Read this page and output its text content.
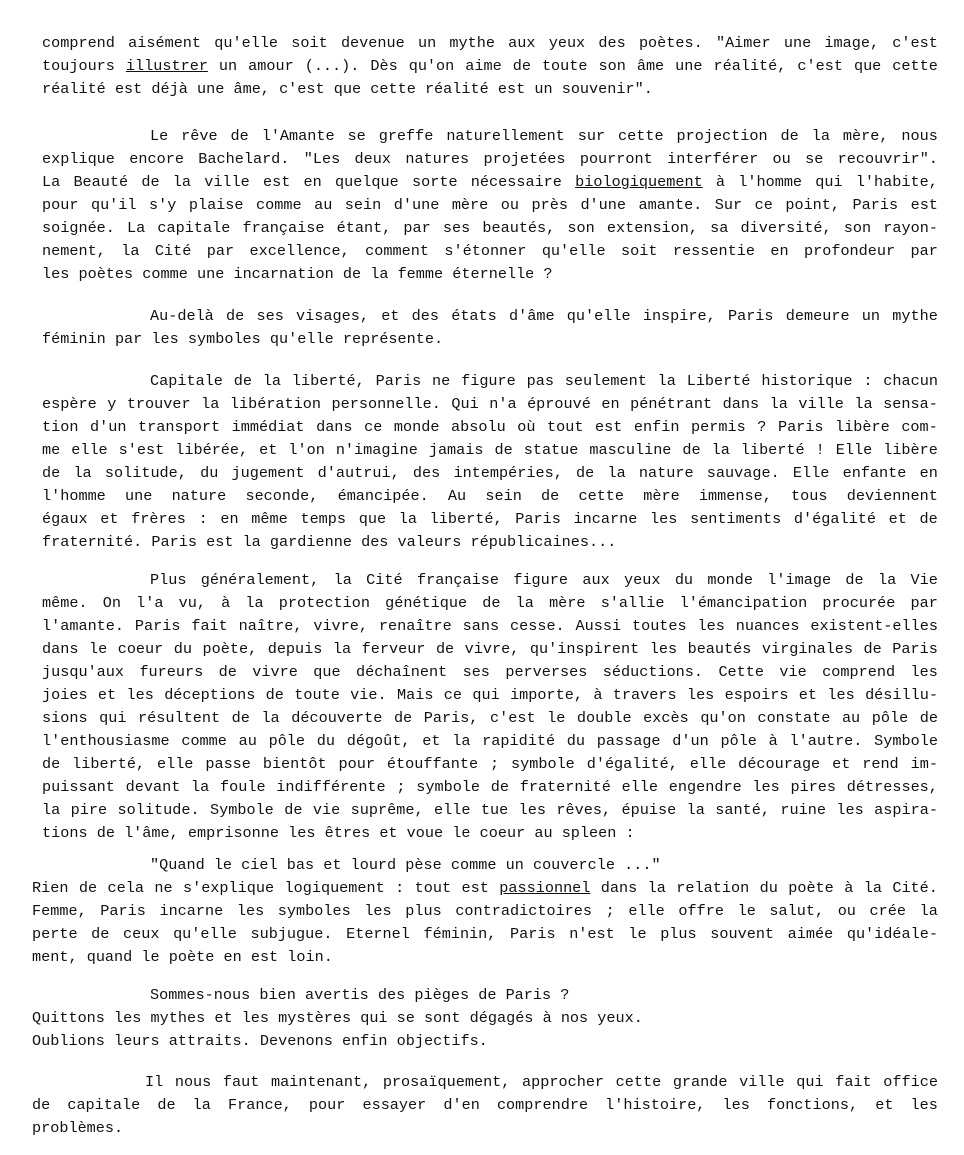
comprend aisément qu'elle soit devenue un mythe aux yeux des poètes. "Aimer une image, c'est
toujours illustrer un amour (...). Dès qu'on aime de toute son âme une réalité, c'est que cette
réalité est déjà une âme, c'est que cette réalité est un souvenir".
Le rêve de l'Amante se greffe naturellement sur cette projection de la mère, nous
explique encore Bachelard. "Les deux natures projetées pourront interférer ou se recouvrir".
La Beauté de la ville est en quelque sorte nécessaire biologiquement à l'homme qui l'habite,
pour qu'il s'y plaise comme au sein d'une mère ou près d'une amante. Sur ce point, Paris est
soignée. La capitale française étant, par ses beautés, son extension, sa diversité, son rayon-
nement, la Cité par excellence, comment s'étonner qu'elle soit ressentie en profondeur par
les poètes comme une incarnation de la femme éternelle ?
Au-delà de ses visages, et des états d'âme qu'elle inspire, Paris demeure un mythe
féminin par les symboles qu'elle représente.
Capitale de la liberté, Paris ne figure pas seulement la Liberté historique : chacun
espère y trouver la libération personnelle. Qui n'a éprouvé en pénétrant dans la ville la sensa-
tion d'un transport immédiat dans ce monde absolu où tout est enfin permis ? Paris libère com-
me elle s'est libérée, et l'on n'imagine jamais de statue masculine de la liberté ! Elle libère
de la solitude, du jugement d'autrui, des intempéries, de la nature sauvage. Elle enfante en
l'homme une nature seconde, émancipée. Au sein de cette mère immense, tous deviennent
égaux et frères : en même temps que la liberté, Paris incarne les sentiments d'égalité et de
fraternité. Paris est la gardienne des valeurs républicaines...
Plus généralement, la Cité française figure aux yeux du monde l'image de la Vie
même. On l'a vu, à la protection génétique de la mère s'allie l'émancipation procurée par
l'amante. Paris fait naître, vivre, renaître sans cesse. Aussi toutes les nuances existent-elles
dans le coeur du poète, depuis la ferveur de vivre, qu'inspirent les beautés virginales de Paris
jusqu'aux fureurs de vivre que déchaînent ses perverses séductions. Cette vie comprend les
joies et les déceptions de toute vie. Mais ce qui importe, à travers les espoirs et les désillu-
sions qui résultent de la découverte de Paris, c'est le double excès qu'on constate au pôle de
l'enthousiasme comme au pôle du dégoût, et la rapidité du passage d'un pôle à l'autre. Symbole
de liberté, elle passe bientôt pour étouffante ; symbole d'égalité, elle décourage et rend im-
puissant devant la foule indifférente ; symbole de fraternité elle engendre les pires détresses,
la pire solitude. Symbole de vie suprême, elle tue les rêves, épuise la santé, ruine les aspira-
tions de l'âme, emprisonne les êtres et voue le coeur au spleen :
"Quand le ciel bas et lourd pèse comme un couvercle ..."
Rien de cela ne s'explique logiquement : tout est passionnel dans la relation du poète à la Cité.
Femme, Paris incarne les symboles les plus contradictoires ; elle offre le salut, ou crée la
perte de ceux qu'elle subjugue. Eternel féminin, Paris n'est le plus souvent aimée qu'idéale-
ment, quand le poète en est loin.
Sommes-nous bien avertis des pièges de Paris ?
Quittons les mythes et les mystères qui se sont dégagés à nos yeux.
Oublions leurs attraits. Devenons enfin objectifs.
Il nous faut maintenant, prosaïquement, approcher cette grande ville qui fait office
de capitale de la France, pour essayer d'en comprendre l'histoire, les fonctions, et les
problèmes.
